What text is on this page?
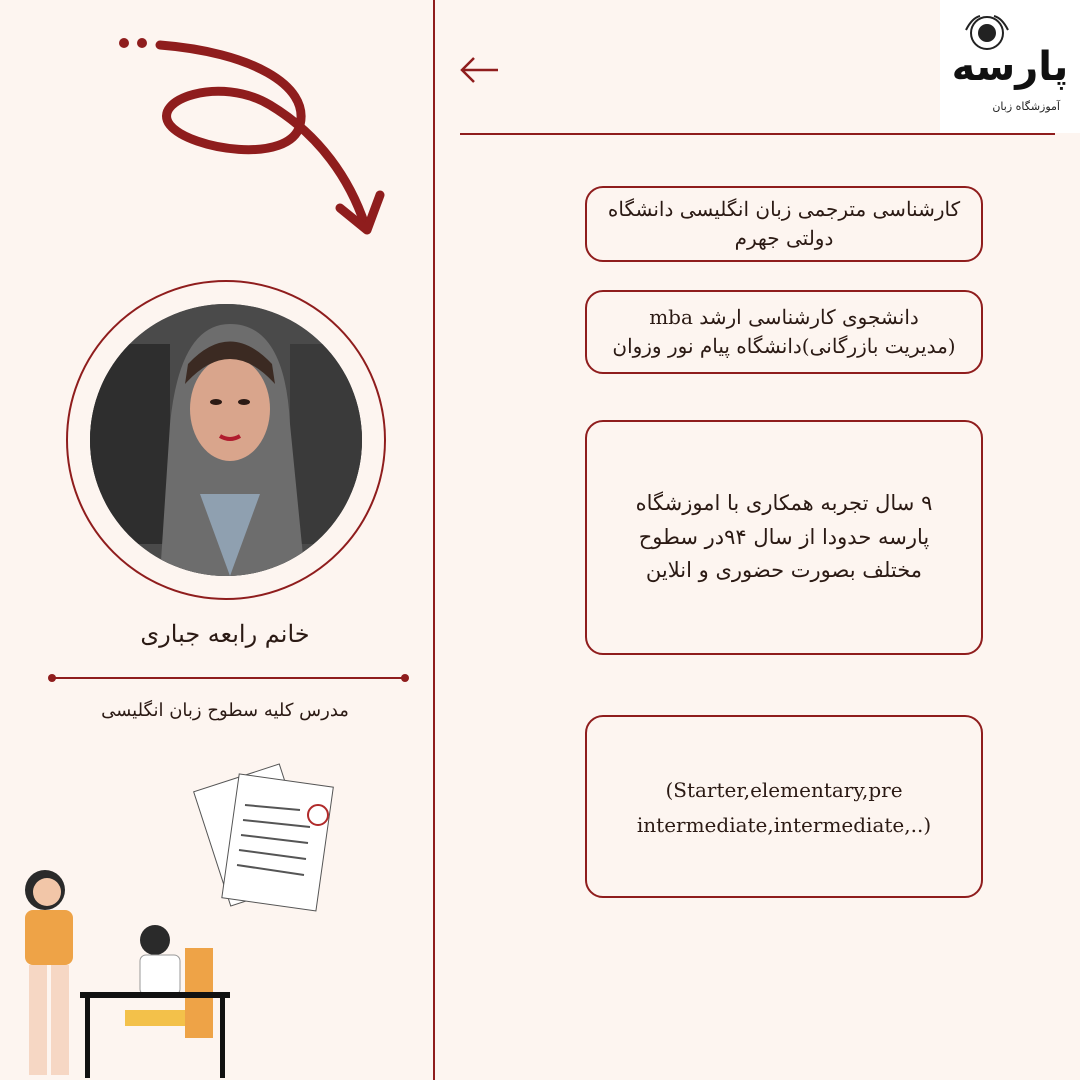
پارسه
آموزشگاه زبان
خانم رابعه جباری
مدرس کلیه سطوح زبان انگلیسی
کارشناسی مترجمی زبان انگلیسی دانشگاه
دولتی جهرم
دانشجوی کارشناسی ارشد mba
(مدیریت بازرگانی)دانشگاه پیام نور وزوان
۹ سال تجربه همکاری با اموزشگاه
پارسه حدودا از سال ۹۴در سطوح
مختلف بصورت حضوری و انلاین
(Starter,elementary,pre
intermediate,intermediate,..)
